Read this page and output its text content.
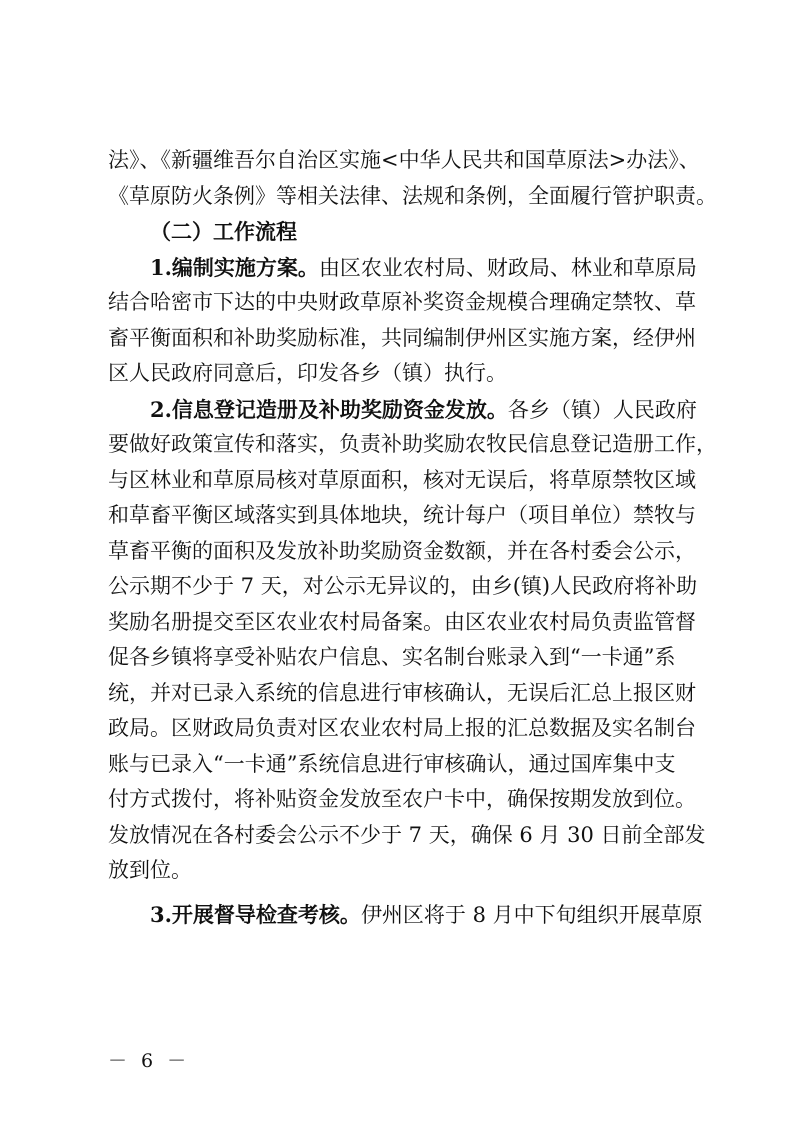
法》、《新疆维吾尔自治区实施<中华人民共和国草原法>办法》、
《草原防火条例》等相关法律、法规和条例，全面履行管护职责。
（二）工作流程
1.编制实施方案。由区农业农村局、财政局、林业和草原局
结合哈密市下达的中央财政草原补奖资金规模合理确定禁牧、草
畜平衡面积和补助奖励标准，共同编制伊州区实施方案，经伊州
区人民政府同意后，印发各乡（镇）执行。
2.信息登记造册及补助奖励资金发放。各乡（镇）人民政府
要做好政策宣传和落实，负责补助奖励农牧民信息登记造册工作，
与区林业和草原局核对草原面积，核对无误后，将草原禁牧区域
和草畜平衡区域落实到具体地块，统计每户（项目单位）禁牧与
草畜平衡的面积及发放补助奖励资金数额，并在各村委会公示，
公示期不少于 7 天，对公示无异议的，由乡(镇)人民政府将补助
奖励名册提交至区农业农村局备案。由区农业农村局负责监管督
促各乡镇将享受补贴农户信息、实名制台账录入到“一卡通”系
统，并对已录入系统的信息进行审核确认，无误后汇总上报区财
政局。区财政局负责对区农业农村局上报的汇总数据及实名制台
账与已录入“一卡通”系统信息进行审核确认，通过国库集中支
付方式拨付，将补贴资金发放至农户卡中，确保按期发放到位。
发放情况在各村委会公示不少于 7 天，确保 6 月 30 日前全部发
放到位。
3.开展督导检查考核。伊州区将于 8 月中下旬组织开展草原
－ 6 －
